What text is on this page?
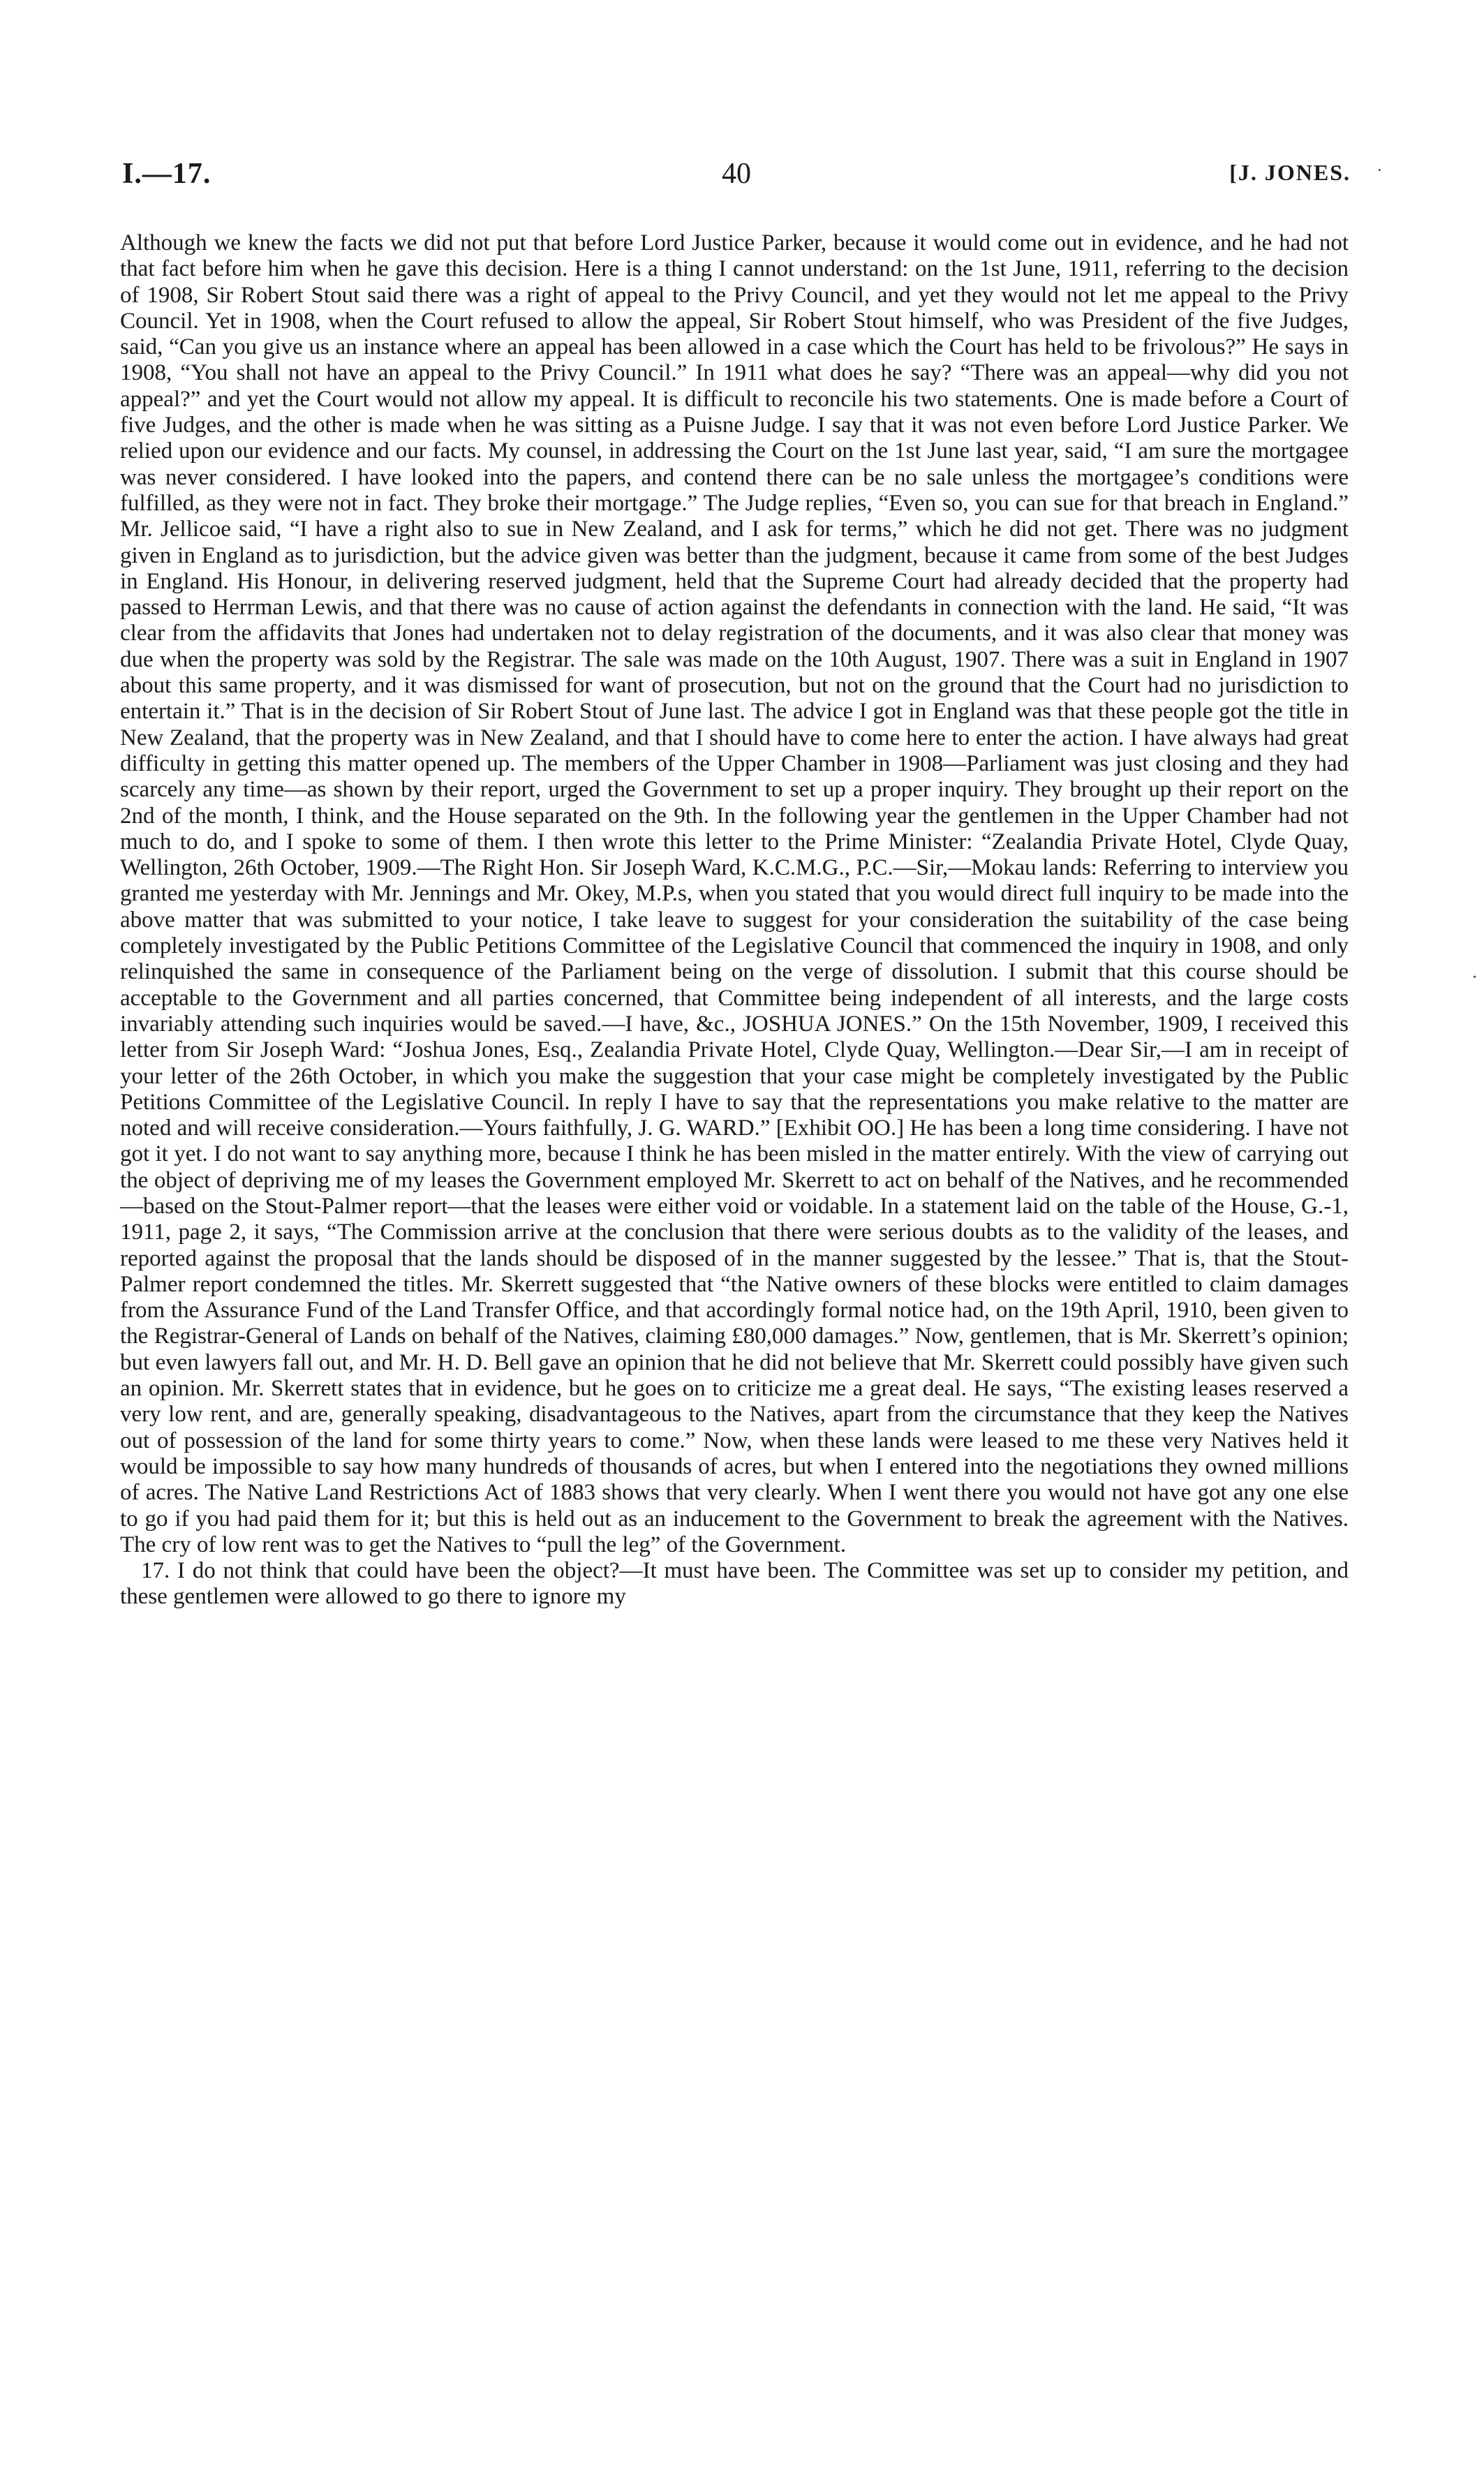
I.—17.	40	[J. JONES. ·

Although we knew the facts we did not put that before Lord Justice Parker, because it would come out in evidence, and he had not that fact before him when he gave this decision. Here is a thing I cannot understand: on the 1st June, 1911, referring to the decision of 1908, Sir Robert Stout said there was a right of appeal to the Privy Council, and yet they would not let me appeal to the Privy Council. Yet in 1908, when the Court refused to allow the appeal, Sir Robert Stout himself, who was President of the five Judges, said, “Can you give us an instance where an appeal has been allowed in a case which the Court has held to be frivolous?” He says in 1908, “You shall not have an appeal to the Privy Council.” In 1911 what does he say? “There was an appeal—why did you not appeal?” and yet the Court would not allow my appeal. It is difficult to reconcile his two statements. One is made before a Court of five Judges, and the other is made when he was sitting as a Puisne Judge. I say that it was not even before Lord Justice Parker. We relied upon our evidence and our facts. My counsel, in addressing the Court on the 1st June last year, said, “I am sure the mortgagee was never considered. I have looked into the papers, and contend there can be no sale unless the mortgagee’s conditions were fulfilled, as they were not in fact. They broke their mortgage.” The Judge replies, “Even so, you can sue for that breach in England.” Mr. Jellicoe said, “I have a right also to sue in New Zealand, and I ask for terms,” which he did not get. There was no judgment given in England as to jurisdiction, but the advice given was better than the judgment, because it came from some of the best Judges in England. His Honour, in delivering reserved judgment, held that the Supreme Court had already decided that the property had passed to Herrman Lewis, and that there was no cause of action against the defendants in connection with the land. He said, “It was clear from the affidavits that Jones had undertaken not to delay registration of the documents, and it was also clear that money was due when the property was sold by the Registrar. The sale was made on the 10th August, 1907. There was a suit in England in 1907 about this same property, and it was dismissed for want of prosecution, but not on the ground that the Court had no jurisdiction to entertain it.” That is in the decision of Sir Robert Stout of June last. The advice I got in England was that these people got the title in New Zealand, that the property was in New Zealand, and that I should have to come here to enter the action. I have always had great difficulty in getting this matter opened up. The members of the Upper Chamber in 1908—Parliament was just closing and they had scarcely any time—as shown by their report, urged the Government to set up a proper inquiry. They brought up their report on the 2nd of the month, I think, and the House separated on the 9th. In the following year the gentlemen in the Upper Chamber had not much to do, and I spoke to some of them. I then wrote this letter to the Prime Minister: “Zealandia Private Hotel, Clyde Quay, Wellington, 26th October, 1909.—The Right Hon. Sir Joseph Ward, K.C.M.G., P.C.—Sir,—Mokau lands: Referring to interview you granted me yesterday with Mr. Jennings and Mr. Okey, M.P.s, when you stated that you would direct full inquiry to be made into the above matter that was submitted to your notice, I take leave to suggest for your consideration the suitability of the case being completely investigated by the Public Petitions Committee of the Legislative Council that commenced the inquiry in 1908, and only relinquished the same in consequence of the Parliament being on the verge of dissolution. I submit that this course should be acceptable to the Government and all parties concerned, that Committee being independent of all interests, and the large costs invariably attending such inquiries would be saved.—I have, &c., JOSHUA JONES.” On the 15th November, 1909, I received this letter from Sir Joseph Ward: “Joshua Jones, Esq., Zealandia Private Hotel, Clyde Quay, Wellington.—Dear Sir,—I am in receipt of your letter of the 26th October, in which you make the suggestion that your case might be completely investigated by the Public Petitions Committee of the Legislative Council. In reply I have to say that the representations you make relative to the matter are noted and will receive consideration.—Yours faithfully, J. G. WARD.” [Exhibit OO.] He has been a long time considering. I have not got it yet. I do not want to say anything more, because I think he has been misled in the matter entirely. With the view of carrying out the object of depriving me of my leases the Government employed Mr. Skerrett to act on behalf of the Natives, and he recommended—based on the Stout-Palmer report—that the leases were either void or voidable. In a statement laid on the table of the House, G.-1, 1911, page 2, it says, “The Commission arrive at the conclusion that there were serious doubts as to the validity of the leases, and reported against the proposal that the lands should be disposed of in the manner suggested by the lessee.” That is, that the Stout-Palmer report condemned the titles. Mr. Skerrett suggested that “the Native owners of these blocks were entitled to claim damages from the Assurance Fund of the Land Transfer Office, and that accordingly formal notice had, on the 19th April, 1910, been given to the Registrar-General of Lands on behalf of the Natives, claiming £80,000 damages.” Now, gentlemen, that is Mr. Skerrett’s opinion; but even lawyers fall out, and Mr. H. D. Bell gave an opinion that he did not believe that Mr. Skerrett could possibly have given such an opinion. Mr. Skerrett states that in evidence, but he goes on to criticize me a great deal. He says, “The existing leases reserved a very low rent, and are, generally speaking, disadvantageous to the Natives, apart from the circumstance that they keep the Natives out of possession of the land for some thirty years to come.” Now, when these lands were leased to me these very Natives held it would be impossible to say how many hundreds of thousands of acres, but when I entered into the negotiations they owned millions of acres. The Native Land Restrictions Act of 1883 shows that very clearly. When I went there you would not have got any one else to go if you had paid them for it; but this is held out as an inducement to the Government to break the agreement with the Natives. The cry of low rent was to get the Natives to “pull the leg” of the Government.

17. I do not think that could have been the object?—It must have been. The Committee was set up to consider my petition, and these gentlemen were allowed to go there to ignore my

·
